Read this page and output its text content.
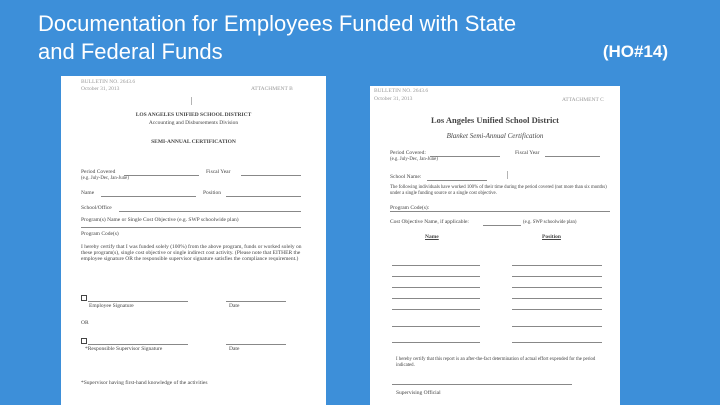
Documentation for Employees Funded with State
and Federal Funds	(HO#14)
BULLETIN NO. 2643.6
October 31, 2013	ATTACHMENT B
|
LOS ANGELES UNIFIED SCHOOL DISTRICT
Accounting and Disbursements Division
SEMI-ANNUAL CERTIFICATION
Period Covered
(e.g. July-Dec, Jan-June)
Fiscal Year
Name	Position
School/Office
Program(s) Name or Single Cost Objective (e.g. SWP schoolwide plan)
Program Code(s)
I hereby certify that I was funded solely (100%) from the above program, funds or worked solely on these program(s), single cost objective or single indirect cost activity. (Please note that EITHER the employee signature OR the responsible supervisor signature satisfies the compliance requirement.)
Employee Signature	Date
OR
*Responsible Supervisor Signature	Date
*Supervisor having first-hand knowledge of the activities
BULLETIN NO. 2643.6
October 31, 2013	ATTACHMENT C
Los Angeles Unified School District
Blanket Semi-Annual Certification
Period Covered:
(e.g. July-Dec, Jan-June)
Fiscal Year
School Name:	|
The following individuals have worked 100% of their time during the period covered (not more than six months) under a single funding source or a single cost objective.
Program Code(s):
Cost Objective Name, if applicable:	(e.g. SWP schoolwide plan)
Name	Position
I hereby certify that this report is an after-the-fact determination of actual effort expended for the period indicated.
Supervising Official
